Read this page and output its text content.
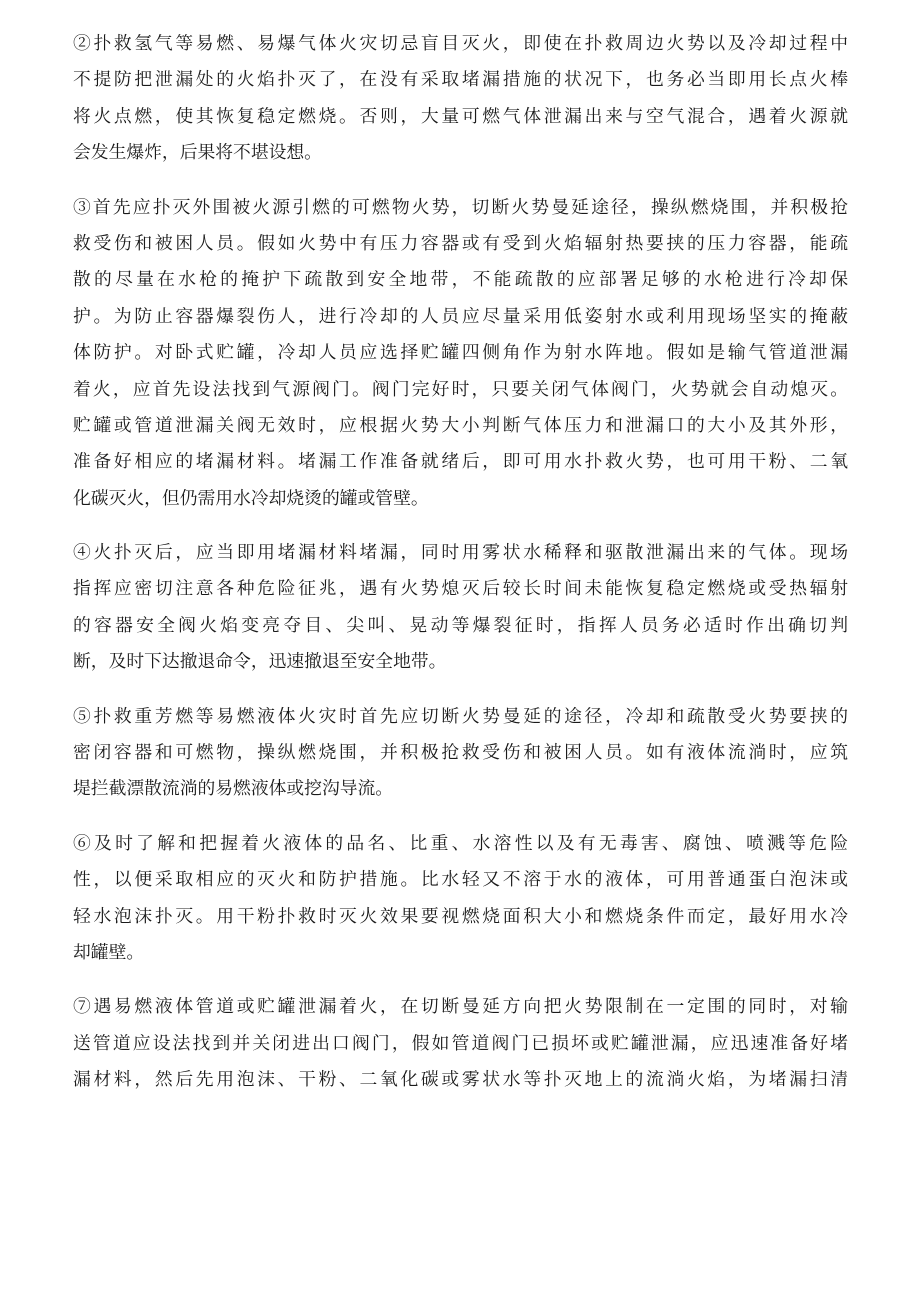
②扑救氢气等易燃、易爆气体火灾切忌盲目灭火，即使在扑救周边火势以及冷却过程中
不提防把泄漏处的火焰扑灭了，在没有采取堵漏措施的状况下，也务必当即用长点火棒
将火点燃，使其恢复稳定燃烧。否则，大量可燃气体泄漏出来与空气混合，遇着火源就
会发生爆炸，后果将不堪设想。
③首先应扑灭外围被火源引燃的可燃物火势，切断火势曼延途径，操纵燃烧围，并积极抢
救受伤和被困人员。假如火势中有压力容器或有受到火焰辐射热要挟的压力容器，能疏
散的尽量在水枪的掩护下疏散到安全地带，不能疏散的应部署足够的水枪进行冷却保
护。为防止容器爆裂伤人，进行冷却的人员应尽量采用低姿射水或利用现场坚实的掩蔽
体防护。对卧式贮罐，冷却人员应选择贮罐四侧角作为射水阵地。假如是输气管道泄漏
着火，应首先设法找到气源阀门。阀门完好时，只要关闭气体阀门，火势就会自动熄灭。
贮罐或管道泄漏关阀无效时，应根据火势大小判断气体压力和泄漏口的大小及其外形，
准备好相应的堵漏材料。堵漏工作准备就绪后，即可用水扑救火势，也可用干粉、二氧
化碳灭火，但仍需用水冷却烧烫的罐或管壁。
④火扑灭后，应当即用堵漏材料堵漏，同时用雾状水稀释和驱散泄漏出来的气体。现场
指挥应密切注意各种危险征兆，遇有火势熄灭后较长时间未能恢复稳定燃烧或受热辐射
的容器安全阀火焰变亮夺目、尖叫、晃动等爆裂征时，指挥人员务必适时作出确切判
断，及时下达撤退命令，迅速撤退至安全地带。
⑤扑救重芳燃等易燃液体火灾时首先应切断火势曼延的途径，冷却和疏散受火势要挟的
密闭容器和可燃物，操纵燃烧围，并积极抢救受伤和被困人员。如有液体流淌时，应筑
堤拦截漂散流淌的易燃液体或挖沟导流。
⑥及时了解和把握着火液体的品名、比重、水溶性以及有无毒害、腐蚀、喷溅等危险
性，以便采取相应的灭火和防护措施。比水轻又不溶于水的液体，可用普通蛋白泡沫或
轻水泡沫扑灭。用干粉扑救时灭火效果要视燃烧面积大小和燃烧条件而定，最好用水冷
却罐壁。
⑦遇易燃液体管道或贮罐泄漏着火，在切断曼延方向把火势限制在一定围的同时，对输
送管道应设法找到并关闭进出口阀门，假如管道阀门已损坏或贮罐泄漏，应迅速准备好堵
漏材料，然后先用泡沫、干粉、二氧化碳或雾状水等扑灭地上的流淌火焰，为堵漏扫清
